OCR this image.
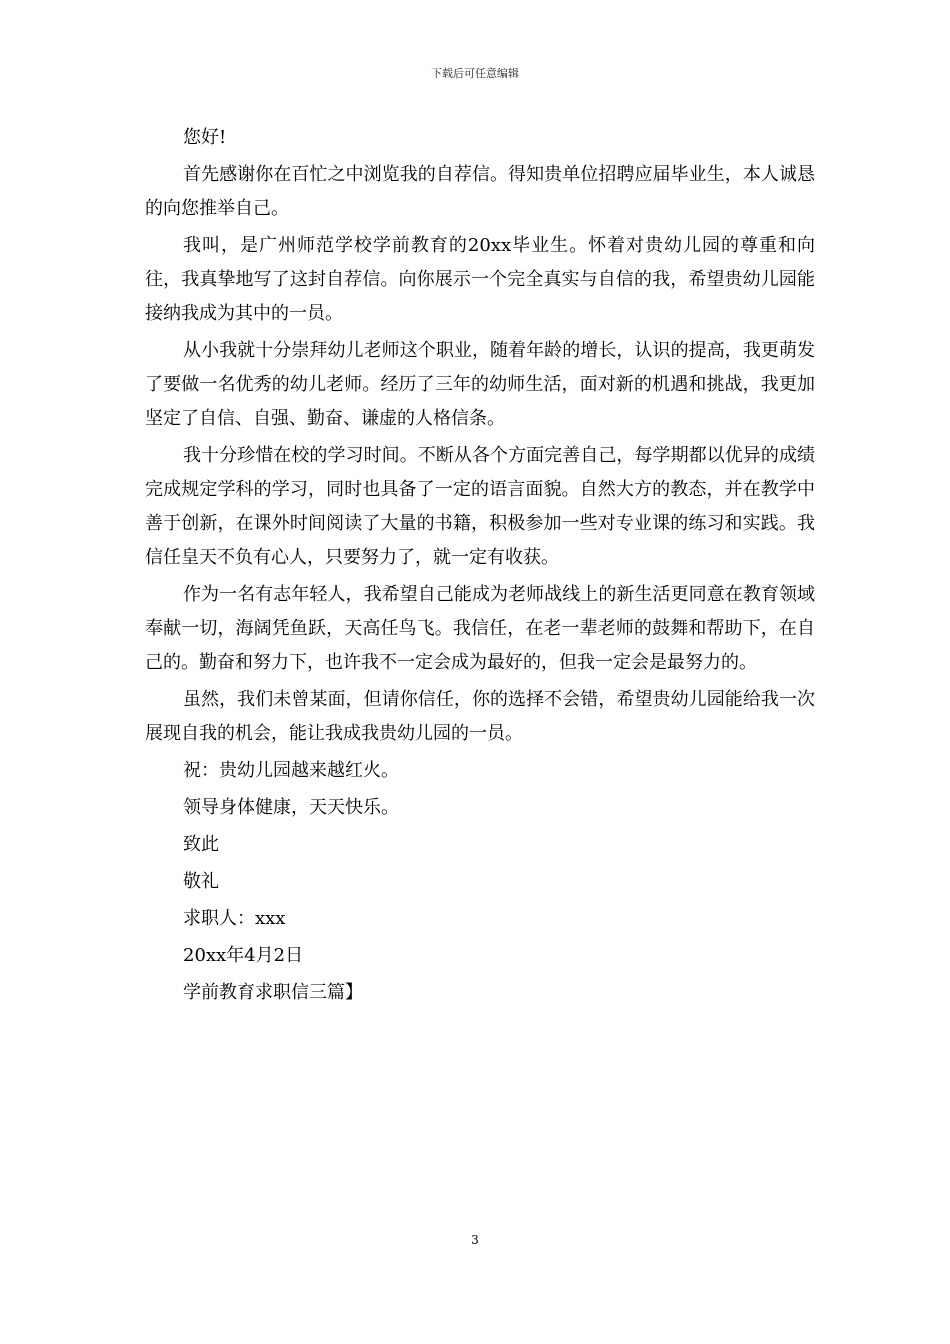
下载后可任意编辑

您好!

首先感谢你在百忙之中浏览我的自荐信。得知贵单位招聘应届毕业生，本人诚恳的向您推举自己。

我叫，是广州师范学校学前教育的20xx毕业生。怀着对贵幼儿园的尊重和向往，我真挚地写了这封自荐信。向你展示一个完全真实与自信的我，希望贵幼儿园能接纳我成为其中的一员。

从小我就十分崇拜幼儿老师这个职业，随着年龄的增长，认识的提高，我更萌发了要做一名优秀的幼儿老师。经历了三年的幼师生活，面对新的机遇和挑战，我更加坚定了自信、自强、勤奋、谦虚的人格信条。

我十分珍惜在校的学习时间。不断从各个方面完善自己，每学期都以优异的成绩完成规定学科的学习，同时也具备了一定的语言面貌。自然大方的教态，并在教学中善于创新，在课外时间阅读了大量的书籍，积极参加一些对专业课的练习和实践。我信任皇天不负有心人，只要努力了，就一定有收获。

作为一名有志年轻人，我希望自己能成为老师战线上的新生活更同意在教育领域奉献一切，海阔凭鱼跃，天高任鸟飞。我信任，在老一辈老师的鼓舞和帮助下，在自己的。勤奋和努力下，也许我不一定会成为最好的，但我一定会是最努力的。

虽然，我们未曾某面，但请你信任，你的选择不会错，希望贵幼儿园能给我一次展现自我的机会，能让我成我贵幼儿园的一员。

祝：贵幼儿园越来越红火。

领导身体健康，天天快乐。

致此

敬礼

求职人：xxx

20xx年4月2日

学前教育求职信三篇】

3
